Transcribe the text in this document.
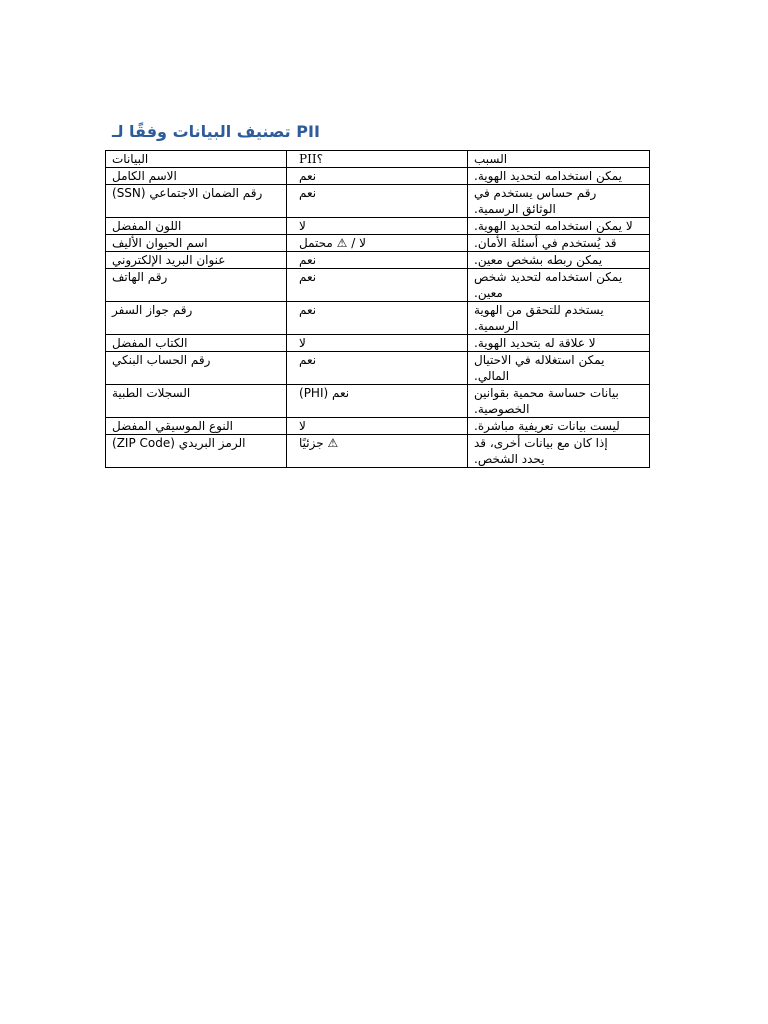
تصنيف البيانات وفقًا لـ PII
البيانات	PII؟	السبب

الاسم الكامل	نعم	يمكن استخدامه لتحديد الهوية.

رقم الضمان الاجتماعي (SSN)	نعم	رقم حساس يستخدم في الوثائق الرسمية.

اللون المفضل	لا	لا يمكن استخدامه لتحديد الهوية.

اسم الحيوان الأليف	لا / ⚠ محتمل	قد يُستخدم في أسئلة الأمان.

عنوان البريد الإلكتروني	نعم	يمكن ربطه بشخص معين.

رقم الهاتف	نعم	يمكن استخدامه لتحديد شخص معين.

رقم جواز السفر	نعم	يستخدم للتحقق من الهوية الرسمية.

الكتاب المفضل	لا	لا علاقة له بتحديد الهوية.

رقم الحساب البنكي	نعم	يمكن استغلاله في الاحتيال المالي.

السجلات الطبية	نعم (PHI)	بيانات حساسة محمية بقوانين الخصوصية.

النوع الموسيقي المفضل	لا	ليست بيانات تعريفية مباشرة.

الرمز البريدي (ZIP Code)	⚠ جزئيًا	إذا كان مع بيانات أخرى، قد يحدد الشخص.
